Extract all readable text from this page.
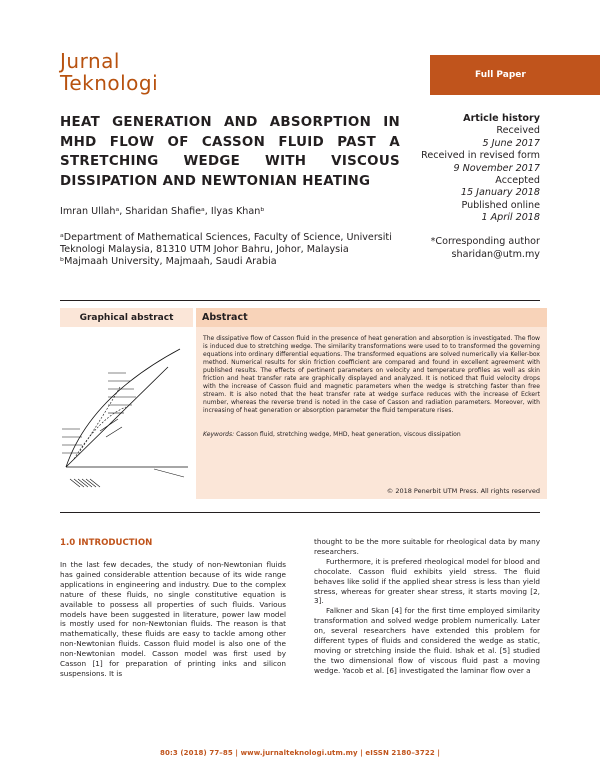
Jurnal
Teknologi	Full Paper
HEAT GENERATION AND ABSORPTION IN
MHD FLOW OF CASSON FLUID PAST A
STRETCHING WEDGE WITH VISCOUS
DISSIPATION AND NEWTONIAN HEATING
Article history
Received
5 June 2017
Received in revised form
9 November 2017
Accepted
15 January 2018
Published online
1 April 2018
Imran Ullahᵃ, Sharidan Shafieᵃ, Ilyas Khanᵇ
ᵃDepartment of Mathematical Sciences, Faculty of Science, Universiti Teknologi Malaysia, 81310 UTM Johor Bahru, Johor, Malaysia
ᵇMajmaah University, Majmaah, Saudi Arabia
*Corresponding author
sharidan@utm.my
Graphical abstract	Abstract
The dissipative flow of Casson fluid in the presence of heat generation and absorption is investigated. The flow is induced due to stretching wedge. The similarity transformations were used to to transformed the governing equations into ordinary differential equations. The transformed equations are solved numerically via Keller-box method. Numerical results for skin friction coefficient are compared and found in excellent agreement with published results. The effects of pertinent parameters on velocity and temperature profiles as well as skin friction and heat transfer rate are graphically displayed and analyzed. It is noticed that fluid velocity drops with the increase of Casson fluid and magnetic parameters when the wedge is stretching faster than free stream. It is also noted that the heat transfer rate at wedge surface reduces with the increase of Eckert number, whereas the reverse trend is noted in the case of Casson and radiation parameters. Moreover, with increasing of heat generation or absorption parameter the fluid temperature rises.
Keywords: Casson fluid, stretching wedge, MHD, heat generation, viscous dissipation
© 2018 Penerbit UTM Press. All rights reserved
1.0 INTRODUCTION

In the last few decades, the study of non-Newtonian fluids has gained considerable attention because of its wide range applications in engineering and industry. Due to the complex nature of these fluids, no single constitutive equation is available to possess all properties of such fluids. Various models have been suggested in literature, power law model is mostly used for non-Newtonian fluids. The reason is that mathematically, these fluids are easy to tackle among other non-Newtonian fluids. Casson fluid model is also one of the non-Newtonian model. Casson model was first used by Casson [1] for preparation of printing inks and silicon suspensions. It is

thought to be the more suitable for rheological data by many researchers.

Furthermore, it is prefered rheological model for blood and chocolate. Casson fluid exhibits yield stress. The fluid behaves like solid if the applied shear stress is less than yield stress, whereas for greater shear stress, it starts moving [2, 3].

Falkner and Skan [4] for the first time employed similarity transformation and solved wedge problem numerically. Later on, several researchers have extended this problem for different types of fluids and considered the wedge as static, moving or stretching inside the fluid. Ishak et al. [5] studied the two dimensional flow of viscous fluid past a moving wedge. Yacob et al. [6] investigated the laminar flow over a

80:3 (2018) 77–85 | www.jurnalteknologi.utm.my | eISSN 2180–3722 |
